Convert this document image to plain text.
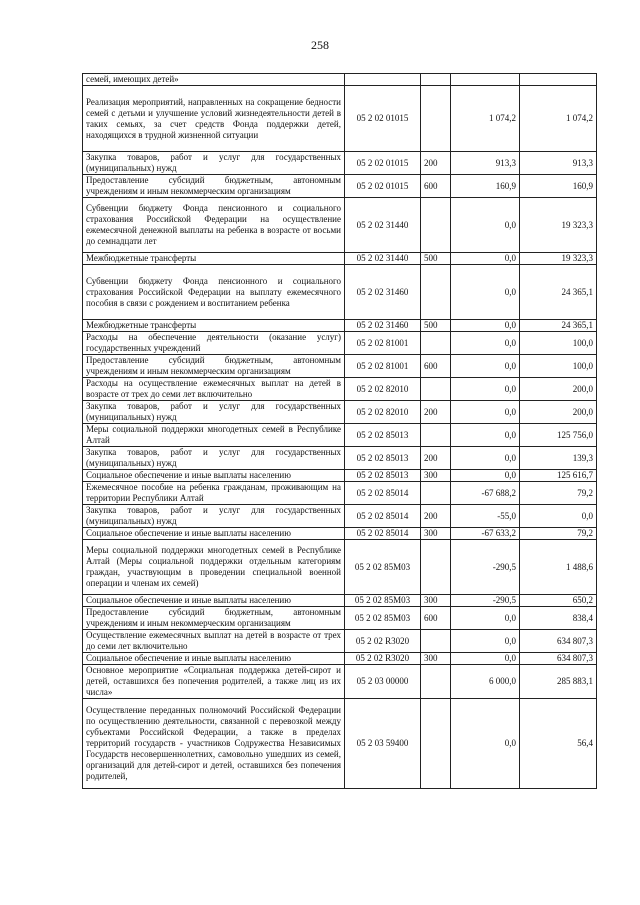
258
семей, имеющих детей»				
Реализация мероприятий, направленных на сокращение бедности семей с детьми и улучшение условий жизнедеятельности детей в таких семьях, за счет средств Фонда поддержки детей, находящихся в трудной жизненной ситуации	05 2 02 01015		1 074,2	1 074,2
Закупка товаров, работ и услуг для государственных (муниципальных) нужд	05 2 02 01015	200	913,3	913,3
Предоставление субсидий бюджетным, автономным учреждениям и иным некоммерческим организациям	05 2 02 01015	600	160,9	160,9
Субвенции бюджету Фонда пенсионного и социального страхования Российской Федерации на осуществление ежемесячной денежной выплаты на ребенка в возрасте от восьми до семнадцати лет	05 2 02 31440		0,0	19 323,3
Межбюджетные трансферты	05 2 02 31440	500	0,0	19 323,3
Субвенции бюджету Фонда пенсионного и социального страхования Российской Федерации на выплату ежемесячного пособия в связи с рождением и воспитанием ребенка	05 2 02 31460		0,0	24 365,1
Межбюджетные трансферты	05 2 02 31460	500	0,0	24 365,1
Расходы на обеспечение деятельности (оказание услуг) государственных учреждений	05 2 02 81001		0,0	100,0
Предоставление субсидий бюджетным, автономным учреждениям и иным некоммерческим организациям	05 2 02 81001	600	0,0	100,0
Расходы на осуществление ежемесячных выплат на детей в возрасте от трех до семи лет включительно	05 2 02 82010		0,0	200,0
Закупка товаров, работ и услуг для государственных (муниципальных) нужд	05 2 02 82010	200	0,0	200,0
Меры социальной поддержки многодетных семей в Республике Алтай	05 2 02 85013		0,0	125 756,0
Закупка товаров, работ и услуг для государственных (муниципальных) нужд	05 2 02 85013	200	0,0	139,3
Социальное обеспечение и иные выплаты населению	05 2 02 85013	300	0,0	125 616,7
Ежемесячное пособие на ребенка гражданам, проживающим на территории Республики Алтай	05 2 02 85014		-67 688,2	79,2
Закупка товаров, работ и услуг для государственных (муниципальных) нужд	05 2 02 85014	200	-55,0	0,0
Социальное обеспечение и иные выплаты населению	05 2 02 85014	300	-67 633,2	79,2
Меры социальной поддержки многодетных семей в Республике Алтай (Меры социальной поддержки отдельным категориям граждан, участвующим в проведении специальной военной операции и членам их семей)	05 2 02 85М03		-290,5	1 488,6
Социальное обеспечение и иные выплаты населению	05 2 02 85М03	300	-290,5	650,2
Предоставление субсидий бюджетным, автономным учреждениям и иным некоммерческим организациям	05 2 02 85М03	600	0,0	838,4
Осуществление ежемесячных выплат на детей в возрасте от трех до семи лет включительно	05 2 02 R3020		0,0	634 807,3
Социальное обеспечение и иные выплаты населению	05 2 02 R3020	300	0,0	634 807,3
Основное мероприятие «Социальная поддержка детей-сирот и детей, оставшихся без попечения родителей, а также лиц из их числа»	05 2 03 00000		6 000,0	285 883,1
Осуществление переданных полномочий Российской Федерации по осуществлению деятельности, связанной с перевозкой между субъектами Российской Федерации, а также в пределах территорий государств - участников Содружества Независимых Государств несовершеннолетних, самовольно ушедших из семей, организаций для детей-сирот и детей, оставшихся без попечения родителей,	05 2 03 59400		0,0	56,4
